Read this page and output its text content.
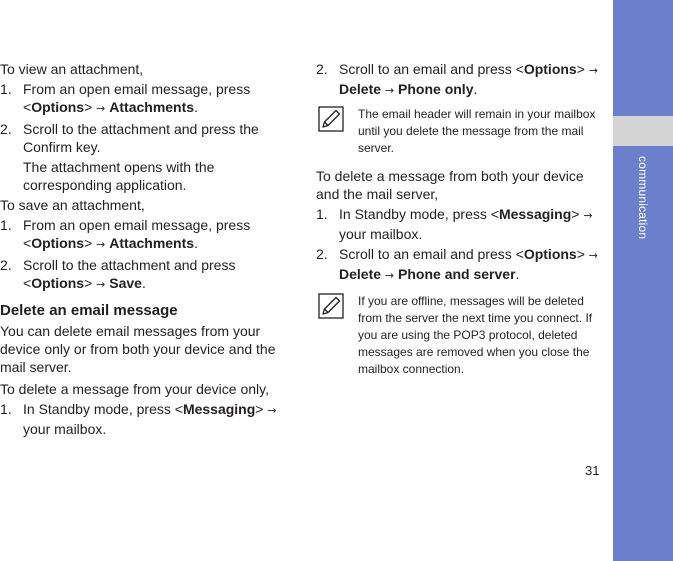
communication

To view an attachment,

1. From an open email message, press <Options> → Attachments.
2. Scroll to the attachment and press the Confirm key.

The attachment opens with the corresponding application.

To save an attachment,

1. From an open email message, press <Options> → Attachments.
2. Scroll to the attachment and press <Options> → Save.
Delete an email message

You can delete email messages from your device only or from both your device and the mail server.

To delete a message from your device only,

1. In Standby mode, press <Messaging> → your mailbox.
2. Scroll to an email and press <Options> → Delete → Phone only.

The email header will remain in your mailbox until you delete the message from the mail server.

To delete a message from both your device and the mail server,

1. In Standby mode, press <Messaging> → your mailbox.
2. Scroll to an email and press <Options> → Delete → Phone and server.

If you are offline, messages will be deleted from the server the next time you connect. If you are using the POP3 protocol, deleted messages are removed when you close the mailbox connection.

31
